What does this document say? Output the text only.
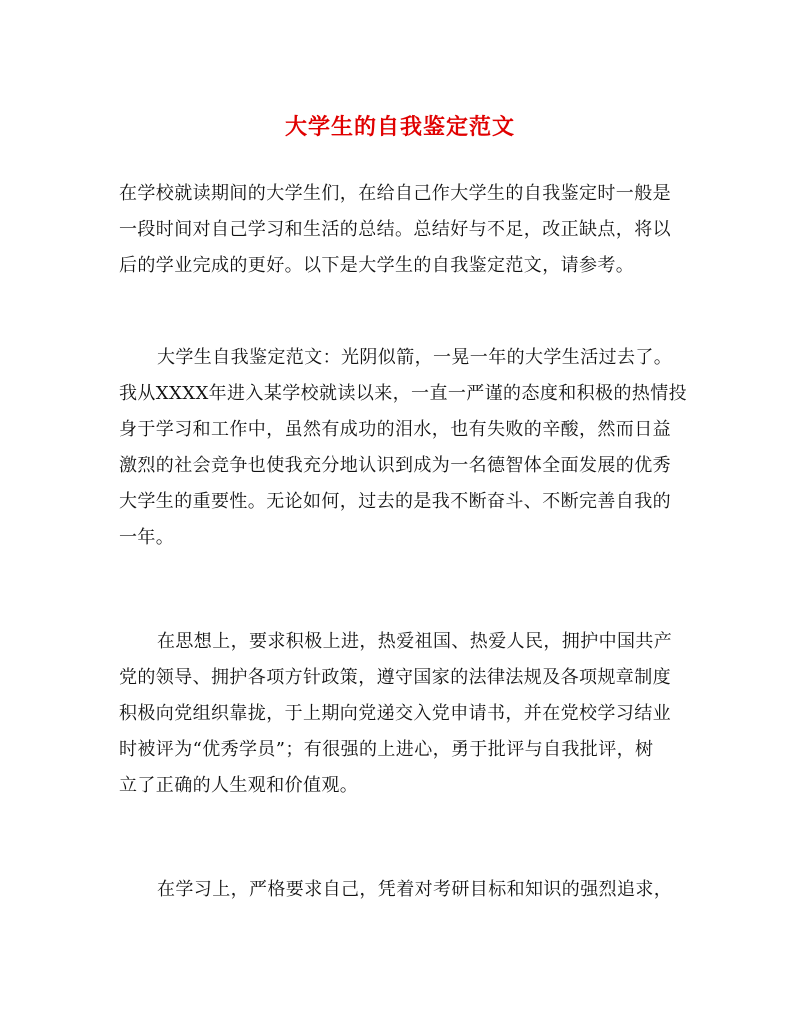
大学生的自我鉴定范文
在学校就读期间的大学生们，在给自己作大学生的自我鉴定时一般是
一段时间对自己学习和生活的总结。总结好与不足，改正缺点，将以
后的学业完成的更好。以下是大学生的自我鉴定范文，请参考。
大学生自我鉴定范文：光阴似箭，一晃一年的大学生活过去了。
我从XXXX年进入某学校就读以来，一直一严谨的态度和积极的热情投
身于学习和工作中，虽然有成功的泪水，也有失败的辛酸，然而日益
激烈的社会竞争也使我充分地认识到成为一名德智体全面发展的优秀
大学生的重要性。无论如何，过去的是我不断奋斗、不断完善自我的
一年。
在思想上，要求积极上进，热爱祖国、热爱人民，拥护中国共产
党的领导、拥护各项方针政策，遵守国家的法律法规及各项规章制度
积极向党组织靠拢，于上期向党递交入党申请书，并在党校学习结业
时被评为“优秀学员”；有很强的上进心，勇于批评与自我批评，树
立了正确的人生观和价值观。
在学习上，严格要求自己，凭着对考研目标和知识的强烈追求，
